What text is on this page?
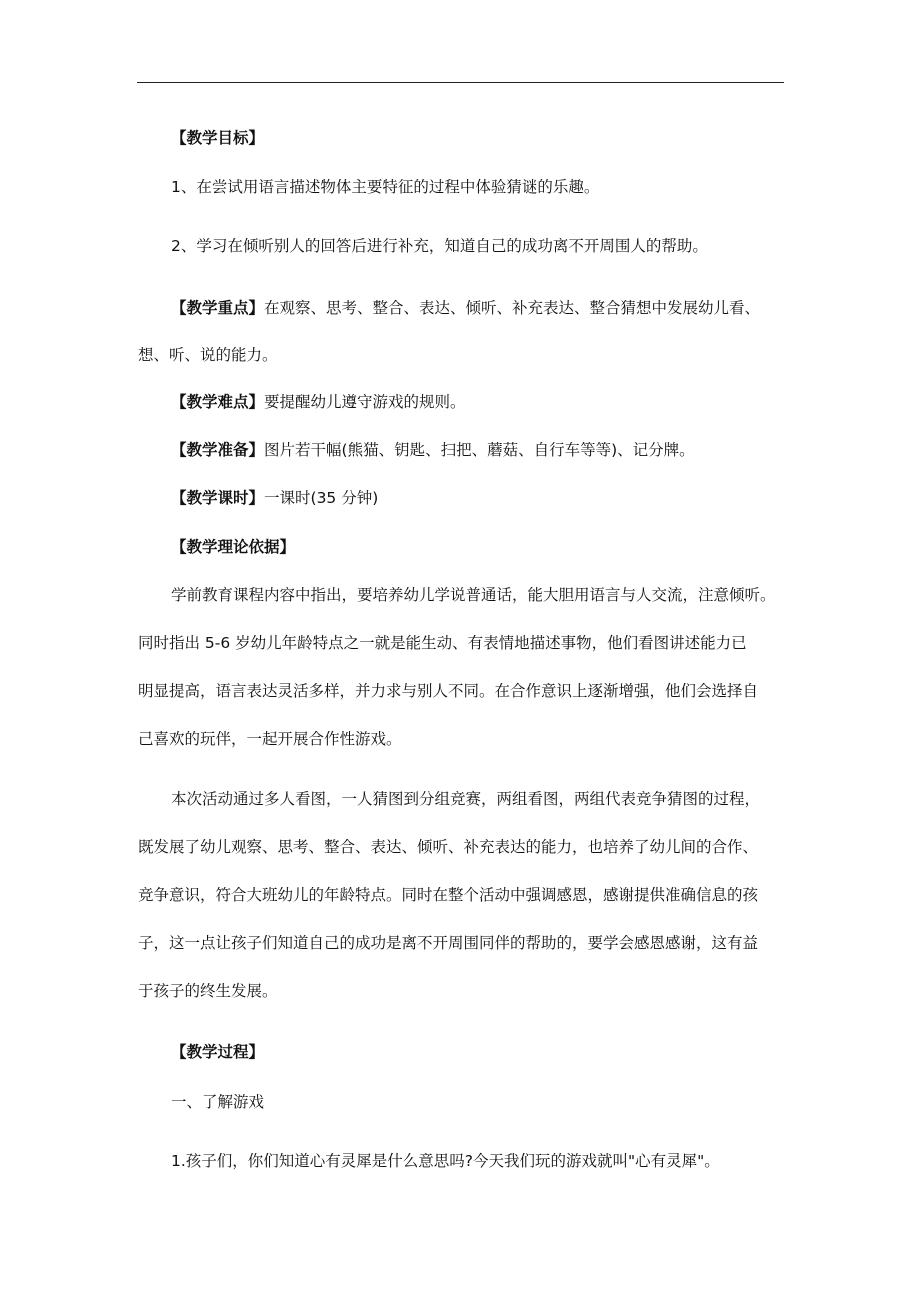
【教学目标】
1、在尝试用语言描述物体主要特征的过程中体验猜谜的乐趣。
2、学习在倾听别人的回答后进行补充，知道自己的成功离不开周围人的帮助。
【教学重点】在观察、思考、整合、表达、倾听、补充表达、整合猜想中发展幼儿看、
想、听、说的能力。
【教学难点】要提醒幼儿遵守游戏的规则。
【教学准备】图片若干幅(熊猫、钥匙、扫把、蘑菇、自行车等等)、记分牌。
【教学课时】一课时(35 分钟)
【教学理论依据】
学前教育课程内容中指出，要培养幼儿学说普通话，能大胆用语言与人交流，注意倾听。
同时指出 5-6 岁幼儿年龄特点之一就是能生动、有表情地描述事物，他们看图讲述能力已
明显提高，语言表达灵活多样，并力求与别人不同。在合作意识上逐渐增强，他们会选择自
己喜欢的玩伴，一起开展合作性游戏。
本次活动通过多人看图，一人猜图到分组竞赛，两组看图，两组代表竞争猜图的过程，
既发展了幼儿观察、思考、整合、表达、倾听、补充表达的能力，也培养了幼儿间的合作、
竞争意识，符合大班幼儿的年龄特点。同时在整个活动中强调感恩，感谢提供准确信息的孩
子，这一点让孩子们知道自己的成功是离不开周围同伴的帮助的，要学会感恩感谢，这有益
于孩子的终生发展。
【教学过程】
一、了解游戏
1.孩子们，你们知道心有灵犀是什么意思吗?今天我们玩的游戏就叫"心有灵犀"。
